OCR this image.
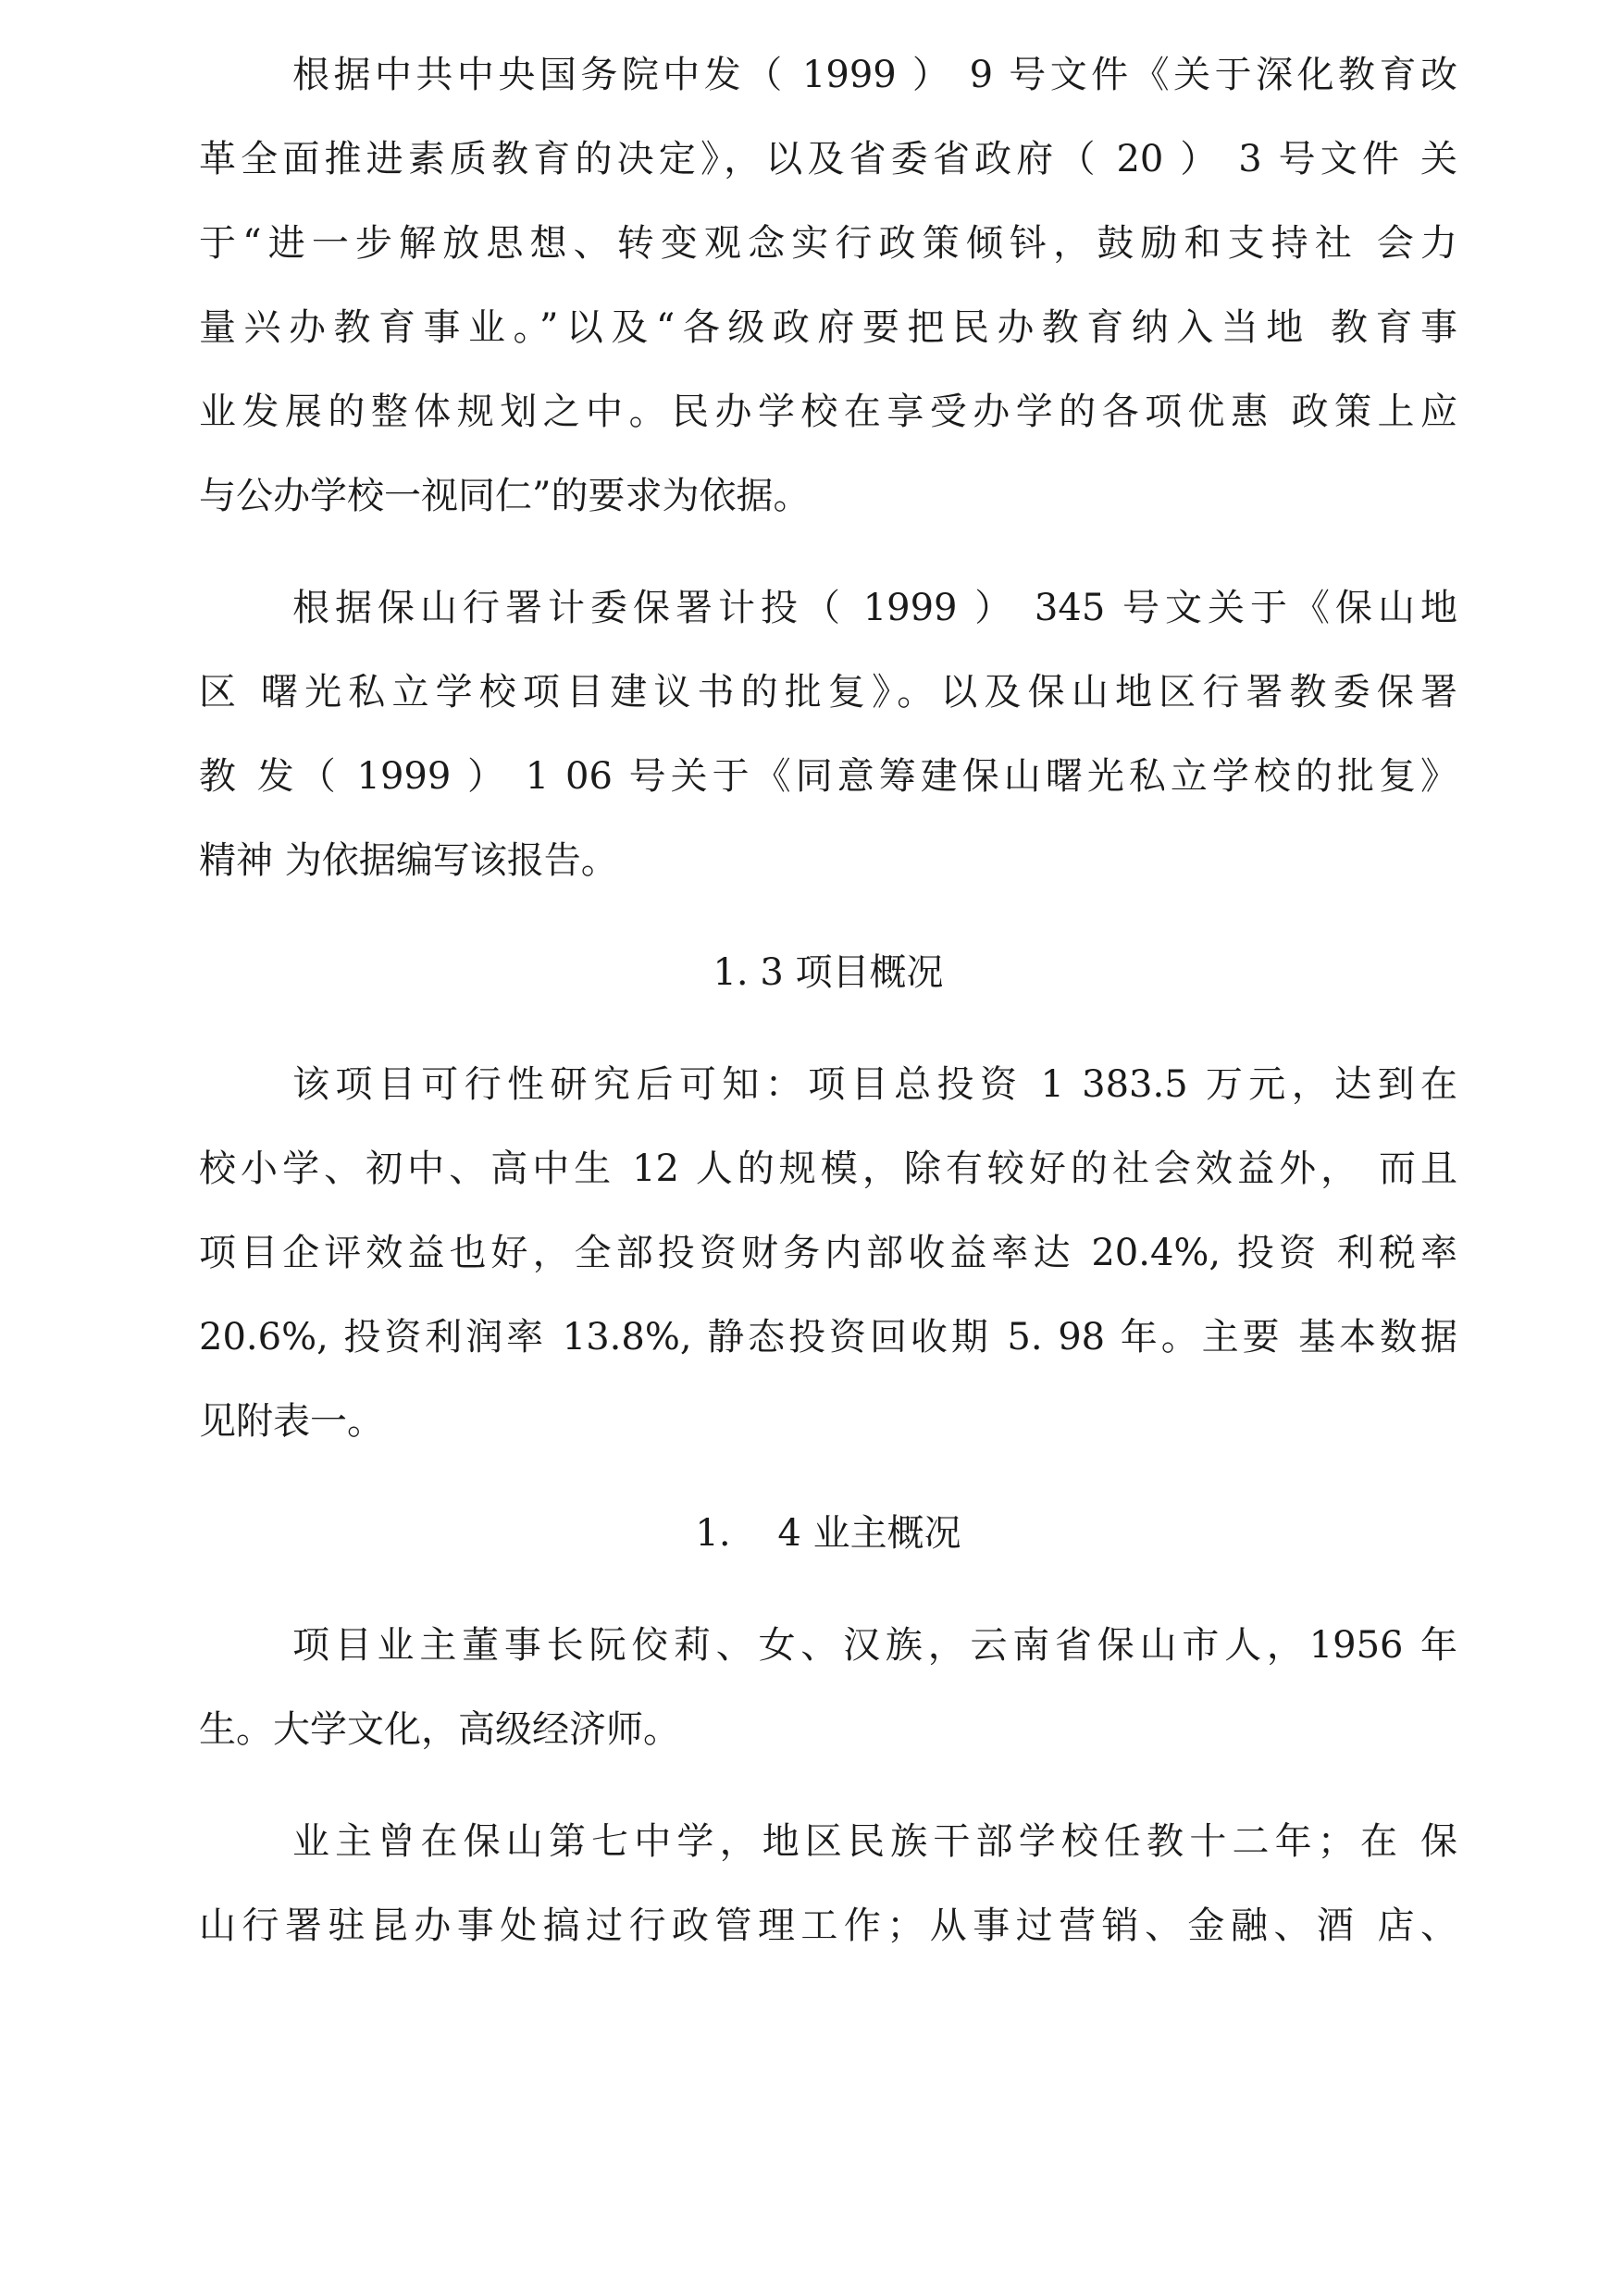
根据中共中央国务院中发（ 1999 ） 9 号文件《关于深化教育改
革全面推进素质教育的决定》，以及省委省政府（ 20 ） 3 号文件 关
于“进一步解放思想、转变观念实行政策倾钭，鼓励和支持社 会力
量兴办教育事业。”以及“各级政府要把民办教育纳入当地 教育事
业发展的整体规划之中。民办学校在享受办学的各项优惠 政策上应
与公办学校一视同仁”的要求为依据。
根据保山行署计委保署计投（ 1999 ） 345 号文关于《保山地
区 曙光私立学校项目建议书的批复》。以及保山地区行署教委保署
教 发（ 1999 ） 1 06 号关于《同意筹建保山曙光私立学校的批复》
精神 为依据编写该报告。
1. 3 项目概况
该项目可行性研究后可知：项目总投资 1 383.5 万元，达到在
校小学、初中、高中生 12 人的规模，除有较好的社会效益外， 而且
项目企评效益也好，全部投资财务内部收益率达 20.4%, 投资 利税率
20.6%, 投资利润率 13.8%, 静态投资回收期 5. 98 年。主要 基本数据
见附表一。
1.    4 业主概况
项目业主董事长阮佼莉、女、汉族，云南省保山市人，1956 年
生。大学文化，高级经济师。
业主曾在保山第七中学，地区民族干部学校任教十二年；在 保
山行署驻昆办事处搞过行政管理工作；从事过营销、金融、酒 店、
